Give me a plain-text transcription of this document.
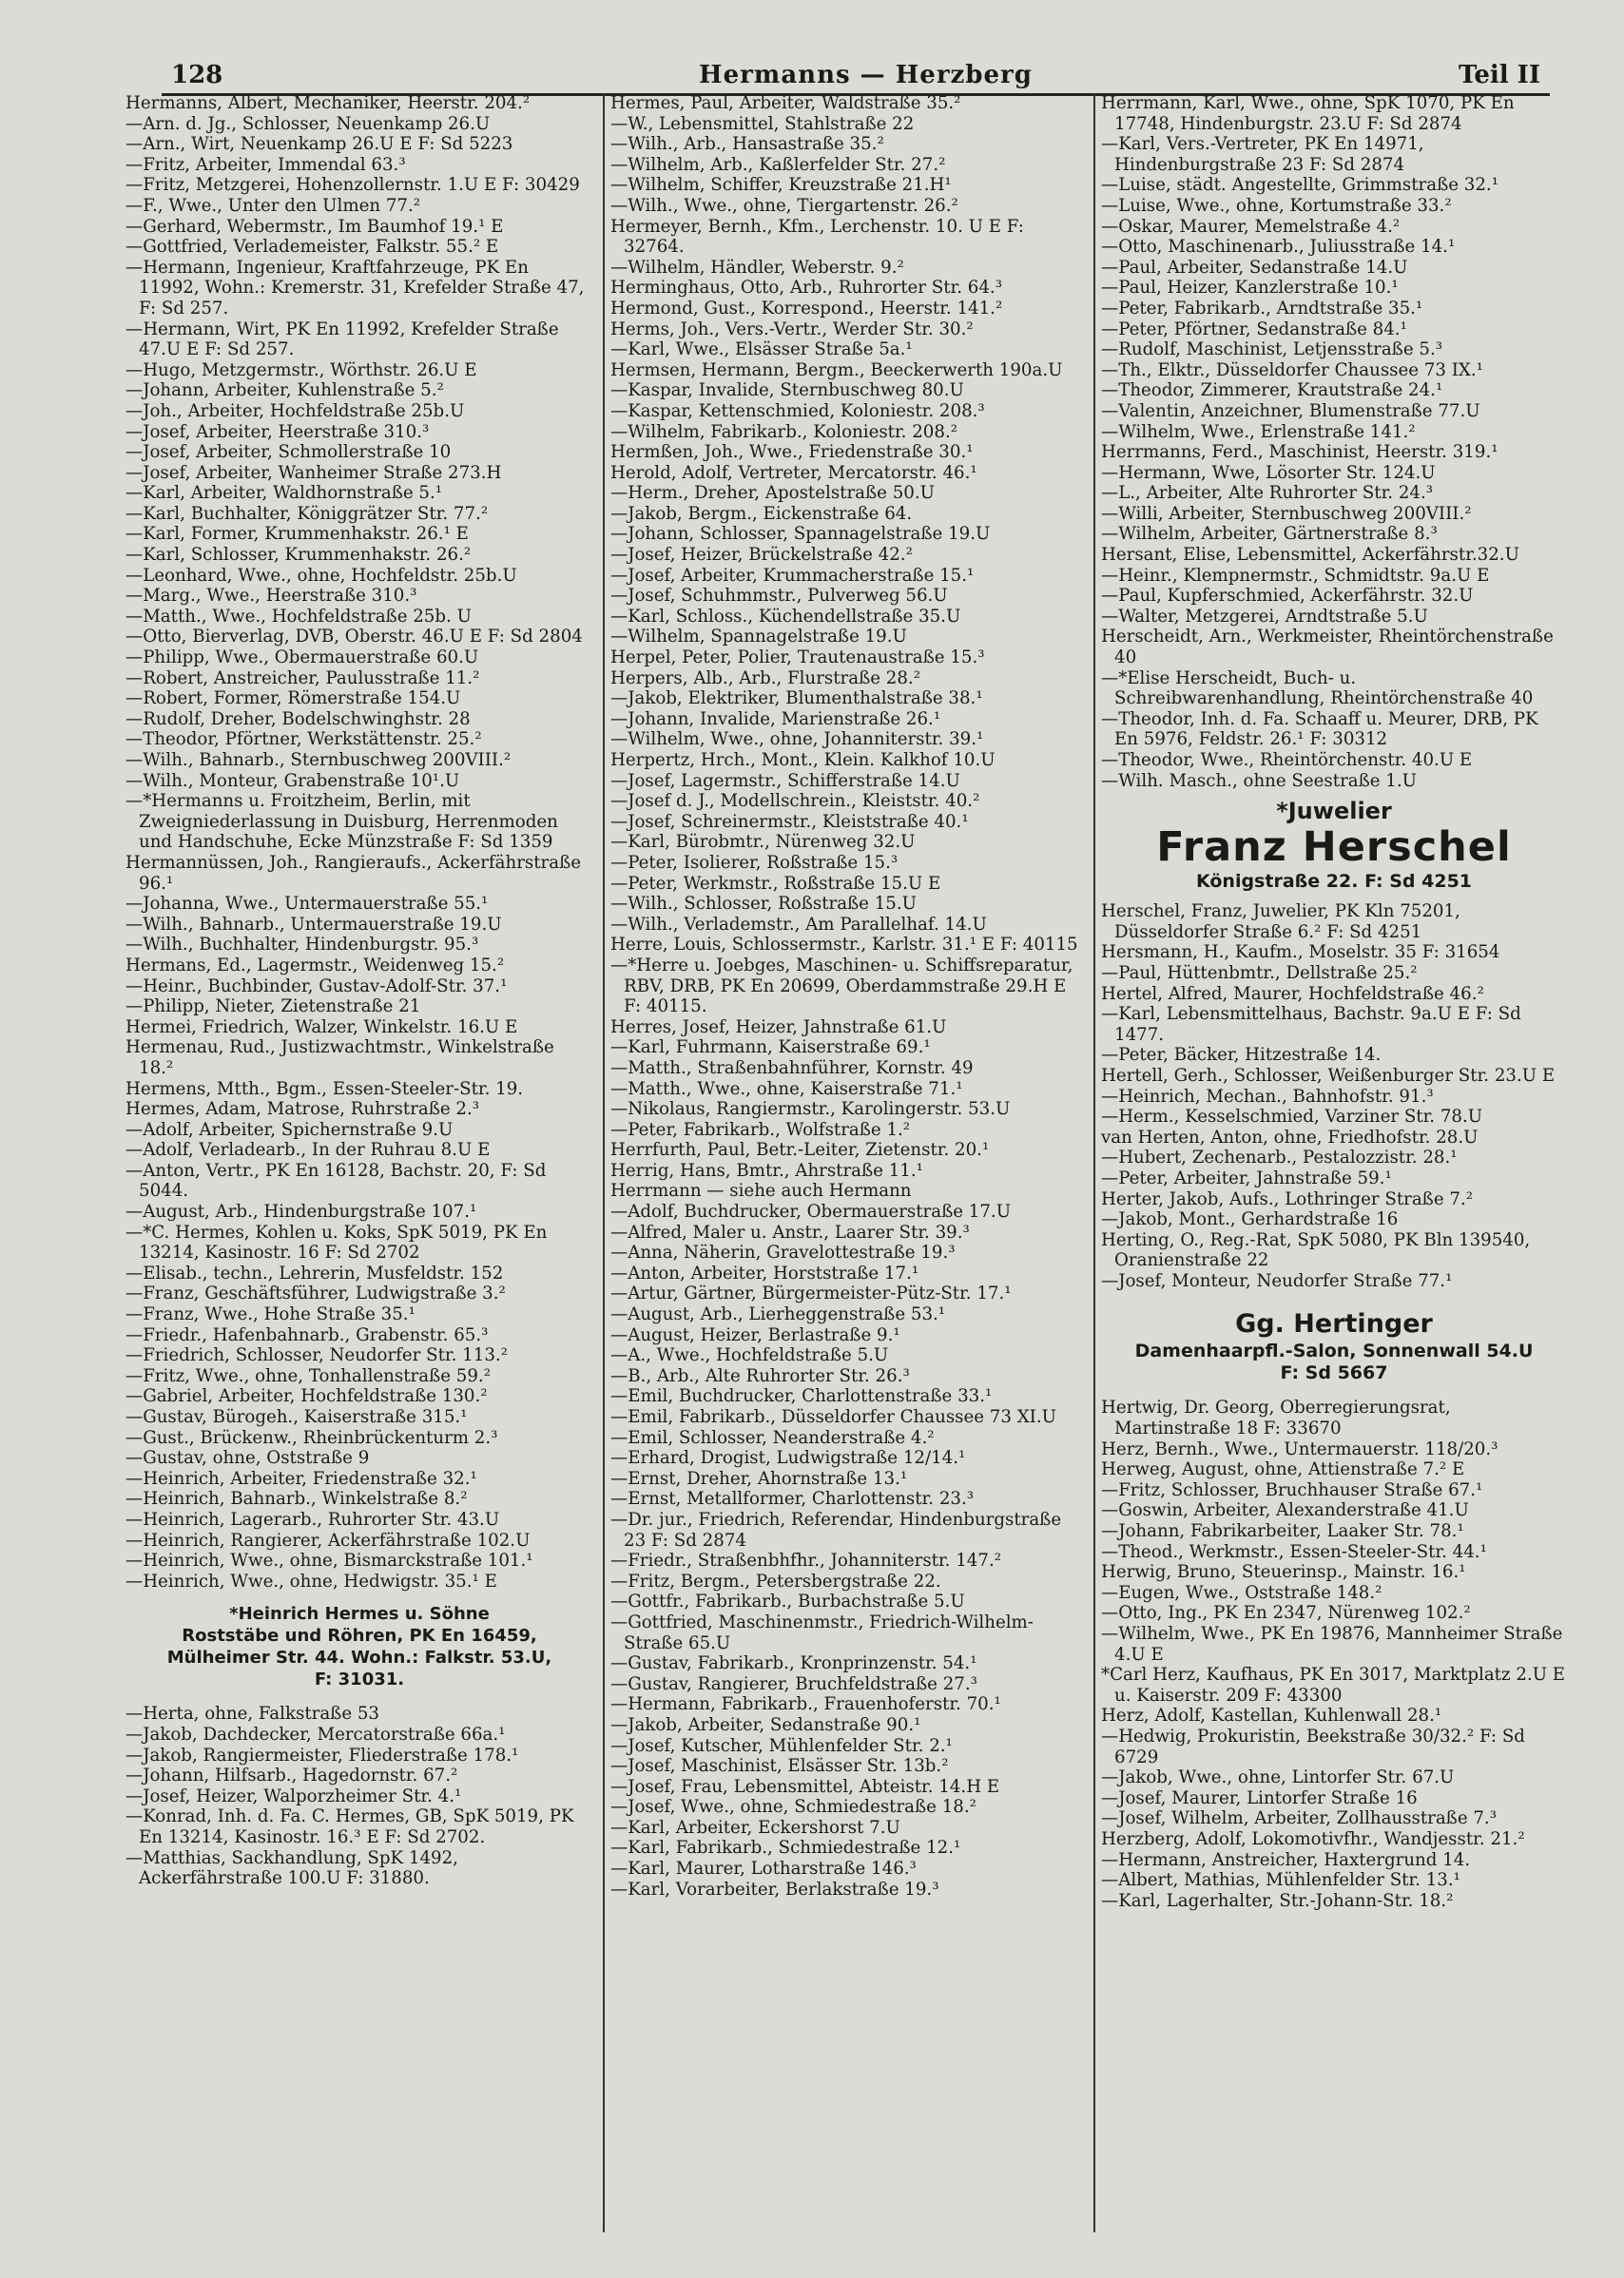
128	Hermanns — Herzberg	Teil II
Hermanns, Albert, Mechaniker, Heerstr. 204.²
—Arn. d. Jg., Schlosser, Neuenkamp 26.U
—Arn., Wirt, Neuenkamp 26.U E F: Sd 5223
—Fritz, Arbeiter, Immendal 63.³
—Fritz, Metzgerei, Hohenzollernstr. 1.U E F: 30429
—F., Wwe., Unter den Ulmen 77.²
—Gerhard, Webermstr., Im Baumhof 19.¹ E
—Gottfried, Verlademeister, Falkstr. 55.² E
—Hermann, Ingenieur, Kraftfahrzeuge, PK En 11992, Wohn.: Kremerstr. 31, Krefelder Straße 47, F: Sd 257.
—Hermann, Wirt, PK En 11992, Krefelder Straße 47.U E F: Sd 257.
—Hugo, Metzgermstr., Wörthstr. 26.U E
—Johann, Arbeiter, Kuhlenstraße 5.²
—Joh., Arbeiter, Hochfeldstraße 25b.U
—Josef, Arbeiter, Heerstraße 310.³
—Josef, Arbeiter, Schmollerstraße 10
—Josef, Arbeiter, Wanheimer Straße 273.H
—Karl, Arbeiter, Waldhornstraße 5.¹
—Karl, Buchhalter, Königgrätzer Str. 77.²
—Karl, Former, Krummenhakstr. 26.¹ E
—Karl, Schlosser, Krummenhakstr. 26.²
—Leonhard, Wwe., ohne, Hochfeldstr. 25b.U
—Marg., Wwe., Heerstraße 310.³
—Matth., Wwe., Hochfeldstraße 25b. U
—Otto, Bierverlag, DVB, Oberstr. 46.U E F: Sd 2804
—Philipp, Wwe., Obermauerstraße 60.U
—Robert, Anstreicher, Paulusstraße 11.²
—Robert, Former, Römerstraße 154.U
—Rudolf, Dreher, Bodelschwinghstr. 28
—Theodor, Pförtner, Werkstättenstr. 25.²
—Wilh., Bahnarb., Sternbuschweg 200VIII.²
—Wilh., Monteur, Grabenstraße 10¹.U
—*Hermanns u. Froitzheim, Berlin, mit Zweigniederlassung in Duisburg, Herrenmoden und Handschuhe, Ecke Münzstraße F: Sd 1359
Hermannüssen, Joh., Rangieraufs., Ackerfährstraße 96.¹
—Johanna, Wwe., Untermauerstraße 55.¹
—Wilh., Bahnarb., Untermauerstraße 19.U
—Wilh., Buchhalter, Hindenburgstr. 95.³
Hermans, Ed., Lagermstr., Weidenweg 15.²
—Heinr., Buchbinder, Gustav-Adolf-Str. 37.¹
—Philipp, Nieter, Zietenstraße 21
Hermei, Friedrich, Walzer, Winkelstr. 16.U E
Hermenau, Rud., Justizwachtmstr., Winkelstraße 18.²
Hermens, Mtth., Bgm., Essen-Steeler-Str. 19.
Hermes, Adam, Matrose, Ruhrstraße 2.³
—Adolf, Arbeiter, Spichernstraße 9.U
—Adolf, Verladearb., In der Ruhrau 8.U E
—Anton, Vertr., PK En 16128, Bachstr. 20, F: Sd 5044.
—August, Arb., Hindenburgstraße 107.¹
—*C. Hermes, Kohlen u. Koks, SpK 5019, PK En 13214, Kasinostr. 16 F: Sd 2702
—Elisab., techn., Lehrerin, Musfeldstr. 152
—Franz, Geschäftsführer, Ludwigstraße 3.²
—Franz, Wwe., Hohe Straße 35.¹
—Friedr., Hafenbahnarb., Grabenstr. 65.³
—Friedrich, Schlosser, Neudorfer Str. 113.²
—Fritz, Wwe., ohne, Tonhallenstraße 59.²
—Gabriel, Arbeiter, Hochfeldstraße 130.²
—Gustav, Bürogeh., Kaiserstraße 315.¹
—Gust., Brückenw., Rheinbrückenturm 2.³
—Gustav, ohne, Oststraße 9
—Heinrich, Arbeiter, Friedenstraße 32.¹
—Heinrich, Bahnarb., Winkelstraße 8.²
—Heinrich, Lagerarb., Ruhrorter Str. 43.U
—Heinrich, Rangierer, Ackerfährstraße 102.U
—Heinrich, Wwe., ohne, Bismarckstraße 101.¹
—Heinrich, Wwe., ohne, Hedwigstr. 35.¹ E
*Heinrich Hermes u. Söhne
Roststäbe und Röhren, PK En 16459,
Mülheimer Str. 44. Wohn.: Falkstr. 53.U,
F: 31031.
—Herta, ohne, Falkstraße 53
—Jakob, Dachdecker, Mercatorstraße 66a.¹
—Jakob, Rangiermeister, Fliederstraße 178.¹
—Johann, Hilfsarb., Hagedornstr. 67.²
—Josef, Heizer, Walporzheimer Str. 4.¹
—Konrad, Inh. d. Fa. C. Hermes, GB, SpK 5019, PK En 13214, Kasinostr. 16.³ E F: Sd 2702.
—Matthias, Sackhandlung, SpK 1492, Ackerfährstraße 100.U F: 31880.
Hermes, Paul, Arbeiter, Waldstraße 35.²
—W., Lebensmittel, Stahlstraße 22
—Wilh., Arb., Hansastraße 35.²
—Wilhelm, Arb., Kaßlerfelder Str. 27.²
—Wilhelm, Schiffer, Kreuzstraße 21.H¹
—Wilh., Wwe., ohne, Tiergartenstr. 26.²
Hermeyer, Bernh., Kfm., Lerchenstr. 10. U E F: 32764.
—Wilhelm, Händler, Weberstr. 9.²
Herminghaus, Otto, Arb., Ruhrorter Str. 64.³
Hermond, Gust., Korrespond., Heerstr. 141.²
Herms, Joh., Vers.-Vertr., Werder Str. 30.²
—Karl, Wwe., Elsässer Straße 5a.¹
Hermsen, Hermann, Bergm., Beeckerwerth 190a.U
—Kaspar, Invalide, Sternbuschweg 80.U
—Kaspar, Kettenschmied, Koloniestr. 208.³
—Wilhelm, Fabrikarb., Koloniestr. 208.²
Hermßen, Joh., Wwe., Friedenstraße 30.¹
Herold, Adolf, Vertreter, Mercatorstr. 46.¹
—Herm., Dreher, Apostelstraße 50.U
—Jakob, Bergm., Eickenstraße 64.
—Johann, Schlosser, Spannagelstraße 19.U
—Josef, Heizer, Brückelstraße 42.²
—Josef, Arbeiter, Krummacherstraße 15.¹
—Josef, Schuhmmstr., Pulverweg 56.U
—Karl, Schloss., Küchendellstraße 35.U
—Wilhelm, Spannagelstraße 19.U
Herpel, Peter, Polier, Trautenaustraße 15.³
Herpers, Alb., Arb., Flurstraße 28.²
—Jakob, Elektriker, Blumenthalstraße 38.¹
—Johann, Invalide, Marienstraße 26.¹
—Wilhelm, Wwe., ohne, Johanniterstr. 39.¹
Herpertz, Hrch., Mont., Klein. Kalkhof 10.U
—Josef, Lagermstr., Schifferstraße 14.U
—Josef d. J., Modellschrein., Kleiststr. 40.²
—Josef, Schreinermstr., Kleiststraße 40.¹
—Karl, Bürobmtr., Nürenweg 32.U
—Peter, Isolierer, Roßstraße 15.³
—Peter, Werkmstr., Roßstraße 15.U E
—Wilh., Schlosser, Roßstraße 15.U
—Wilh., Verlademstr., Am Parallelhaf. 14.U
Herre, Louis, Schlossermstr., Karlstr. 31.¹ E F: 40115
—*Herre u. Joebges, Maschinen- u. Schiffsreparatur, RBV, DRB, PK En 20699, Oberdammstraße 29.H E F: 40115.
Herres, Josef, Heizer, Jahnstraße 61.U
—Karl, Fuhrmann, Kaiserstraße 69.¹
—Matth., Straßenbahnführer, Kornstr. 49
—Matth., Wwe., ohne, Kaiserstraße 71.¹
—Nikolaus, Rangiermstr., Karolingerstr. 53.U
—Peter, Fabrikarb., Wolfstraße 1.²
Herrfurth, Paul, Betr.-Leiter, Zietenstr. 20.¹
Herrig, Hans, Bmtr., Ahrstraße 11.¹
Herrmann — siehe auch Hermann
—Adolf, Buchdrucker, Obermauerstraße 17.U
—Alfred, Maler u. Anstr., Laarer Str. 39.³
—Anna, Näherin, Gravelottestraße 19.³
—Anton, Arbeiter, Horststraße 17.¹
—Artur, Gärtner, Bürgermeister-Pütz-Str. 17.¹
—August, Arb., Lierheggenstraße 53.¹
—August, Heizer, Berlastraße 9.¹
—A., Wwe., Hochfeldstraße 5.U
—B., Arb., Alte Ruhrorter Str. 26.³
—Emil, Buchdrucker, Charlottenstraße 33.¹
—Emil, Fabrikarb., Düsseldorfer Chaussee 73 XI.U
—Emil, Schlosser, Neanderstraße 4.²
—Erhard, Drogist, Ludwigstraße 12/14.¹
—Ernst, Dreher, Ahornstraße 13.¹
—Ernst, Metallformer, Charlottenstr. 23.³
—Dr. jur., Friedrich, Referendar, Hindenburgstraße 23 F: Sd 2874
—Friedr., Straßenbhfhr., Johanniterstr. 147.²
—Fritz, Bergm., Petersbergstraße 22.
—Gottfr., Fabrikarb., Burbachstraße 5.U
—Gottfried, Maschinenmstr., Friedrich-Wilhelm-Straße 65.U
—Gustav, Fabrikarb., Kronprinzenstr. 54.¹
—Gustav, Rangierer, Bruchfeldstraße 27.³
—Hermann, Fabrikarb., Frauenhoferstr. 70.¹
—Jakob, Arbeiter, Sedanstraße 90.¹
—Josef, Kutscher, Mühlenfelder Str. 2.¹
—Josef, Maschinist, Elsässer Str. 13b.²
—Josef, Frau, Lebensmittel, Abteistr. 14.H E
—Josef, Wwe., ohne, Schmiedestraße 18.²
—Karl, Arbeiter, Eckershorst 7.U
—Karl, Fabrikarb., Schmiedestraße 12.¹
—Karl, Maurer, Lotharstraße 146.³
—Karl, Vorarbeiter, Berlakstraße 19.³
Herrmann, Karl, Wwe., ohne, SpK 1070, PK En 17748, Hindenburgstr. 23.U F: Sd 2874
—Karl, Vers.-Vertreter, PK En 14971, Hindenburgstraße 23 F: Sd 2874
—Luise, städt. Angestellte, Grimmstraße 32.¹
—Luise, Wwe., ohne, Kortumstraße 33.²
—Oskar, Maurer, Memelstraße 4.²
—Otto, Maschinenarb., Juliusstraße 14.¹
—Paul, Arbeiter, Sedanstraße 14.U
—Paul, Heizer, Kanzlerstraße 10.¹
—Peter, Fabrikarb., Arndtstraße 35.¹
—Peter, Pförtner, Sedanstraße 84.¹
—Rudolf, Maschinist, Letjensstraße 5.³
—Th., Elktr., Düsseldorfer Chaussee 73 IX.¹
—Theodor, Zimmerer, Krautstraße 24.¹
—Valentin, Anzeichner, Blumenstraße 77.U
—Wilhelm, Wwe., Erlenstraße 141.²
Herrmanns, Ferd., Maschinist, Heerstr. 319.¹
—Hermann, Wwe, Lösorter Str. 124.U
—L., Arbeiter, Alte Ruhrorter Str. 24.³
—Willi, Arbeiter, Sternbuschweg 200VIII.²
—Wilhelm, Arbeiter, Gärtnerstraße 8.³
Hersant, Elise, Lebensmittel, Ackerfährstr.32.U
—Heinr., Klempnermstr., Schmidtstr. 9a.U E
—Paul, Kupferschmied, Ackerfährstr. 32.U
—Walter, Metzgerei, Arndtstraße 5.U
Herscheidt, Arn., Werkmeister, Rheintörchenstraße 40
—*Elise Herscheidt, Buch- u. Schreibwarenhandlung, Rheintörchenstraße 40
—Theodor, Inh. d. Fa. Schaaff u. Meurer, DRB, PK En 5976, Feldstr. 26.¹ F: 30312
—Theodor, Wwe., Rheintörchenstr. 40.U E
—Wilh. Masch., ohne Seestraße 1.U
*Juwelier
Franz Herschel
Königstraße 22. F: Sd 4251
Herschel, Franz, Juwelier, PK Kln 75201, Düsseldorfer Straße 6.² F: Sd 4251
Hersmann, H., Kaufm., Moselstr. 35 F: 31654
—Paul, Hüttenbmtr., Dellstraße 25.²
Hertel, Alfred, Maurer, Hochfeldstraße 46.²
—Karl, Lebensmittelhaus, Bachstr. 9a.U E F: Sd 1477.
—Peter, Bäcker, Hitzestraße 14.
Hertell, Gerh., Schlosser, Weißenburger Str. 23.U E
—Heinrich, Mechan., Bahnhofstr. 91.³
—Herm., Kesselschmied, Varziner Str. 78.U
van Herten, Anton, ohne, Friedhofstr. 28.U
—Hubert, Zechenarb., Pestalozzistr. 28.¹
—Peter, Arbeiter, Jahnstraße 59.¹
Herter, Jakob, Aufs., Lothringer Straße 7.²
—Jakob, Mont., Gerhardstraße 16
Herting, O., Reg.-Rat, SpK 5080, PK Bln 139540, Oranienstraße 22
—Josef, Monteur, Neudorfer Straße 77.¹
Gg. Hertinger
Damenhaarpfl.-Salon, Sonnenwall 54.U
F: Sd 5667
Hertwig, Dr. Georg, Oberregierungsrat, Martinstraße 18 F: 33670
Herz, Bernh., Wwe., Untermauerstr. 118/20.³
Herweg, August, ohne, Attienstraße 7.² E
—Fritz, Schlosser, Bruchhauser Straße 67.¹
—Goswin, Arbeiter, Alexanderstraße 41.U
—Johann, Fabrikarbeiter, Laaker Str. 78.¹
—Theod., Werkmstr., Essen-Steeler-Str. 44.¹
Herwig, Bruno, Steuerinsp., Mainstr. 16.¹
—Eugen, Wwe., Oststraße 148.²
—Otto, Ing., PK En 2347, Nürenweg 102.²
—Wilhelm, Wwe., PK En 19876, Mannheimer Straße 4.U E
*Carl Herz, Kaufhaus, PK En 3017, Marktplatz 2.U E u. Kaiserstr. 209 F: 43300
Herz, Adolf, Kastellan, Kuhlenwall 28.¹
—Hedwig, Prokuristin, Beekstraße 30/32.² F: Sd 6729
—Jakob, Wwe., ohne, Lintorfer Str. 67.U
—Josef, Maurer, Lintorfer Straße 16
—Josef, Wilhelm, Arbeiter, Zollhausstraße 7.³
Herzberg, Adolf, Lokomotivfhr., Wandjesstr. 21.²
—Hermann, Anstreicher, Haxtergrund 14.
—Albert, Mathias, Mühlenfelder Str. 13.¹
—Karl, Lagerhalter, Str.-Johann-Str. 18.²
